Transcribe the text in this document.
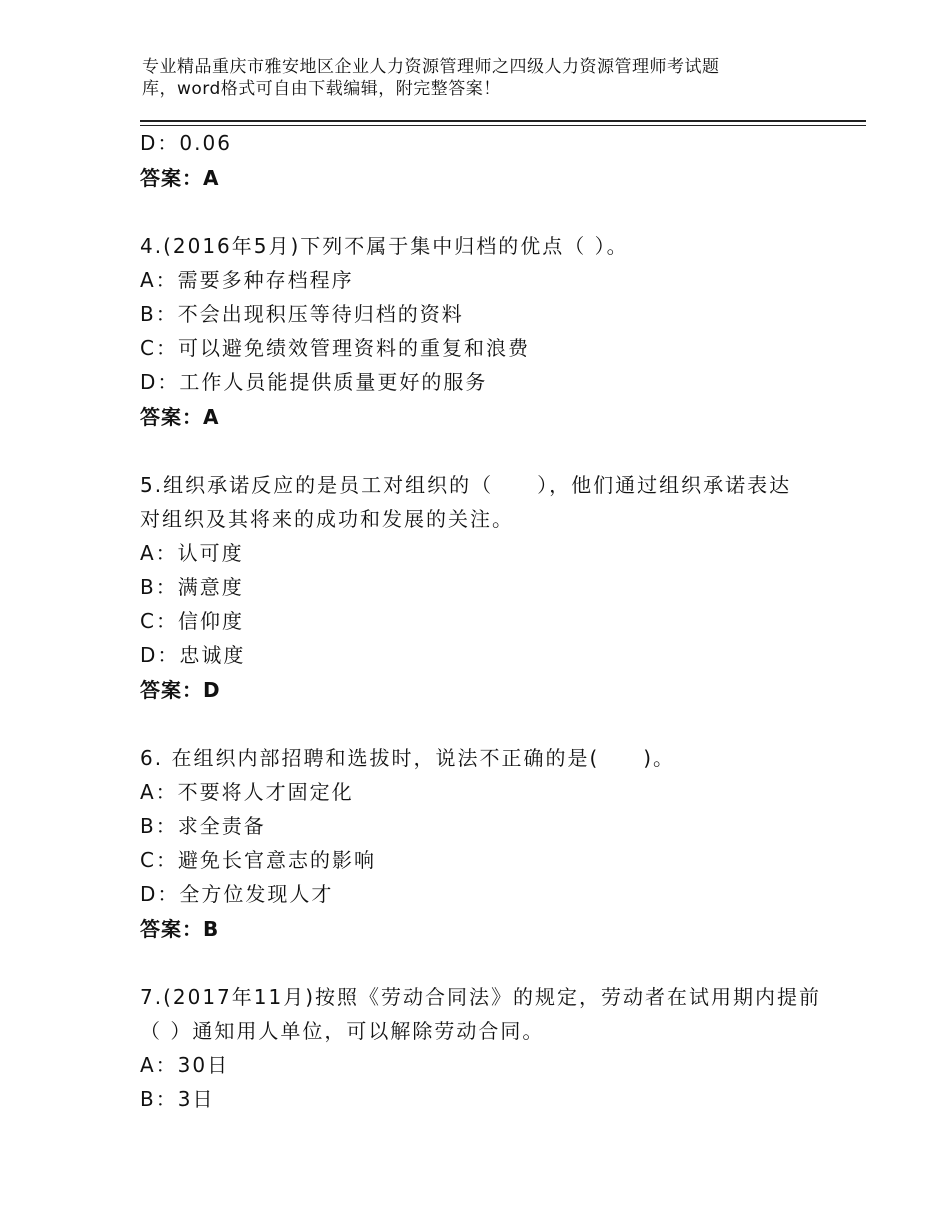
专业精品重庆市雅安地区企业人力资源管理师之四级人力资源管理师考试题
库，word格式可自由下载编辑，附完整答案！
D：0.06
答案：A
4.(2016年5月)下列不属于集中归档的优点（ ）。
A：需要多种存档程序
B：不会出现积压等待归档的资料
C：可以避免绩效管理资料的重复和浪费
D：工作人员能提供质量更好的服务
答案：A
5.组织承诺反应的是员工对组织的（　　），他们通过组织承诺表达
对组织及其将来的成功和发展的关注。
A：认可度
B：满意度
C：信仰度
D：忠诚度
答案：D
6. 在组织内部招聘和选拔时，说法不正确的是(　　)。
A：不要将人才固定化
B：求全责备
C：避免长官意志的影响
D：全方位发现人才
答案：B
7.(2017年11月)按照《劳动合同法》的规定，劳动者在试用期内提前
（ ）通知用人单位，可以解除劳动合同。
A：30日
B：3日
